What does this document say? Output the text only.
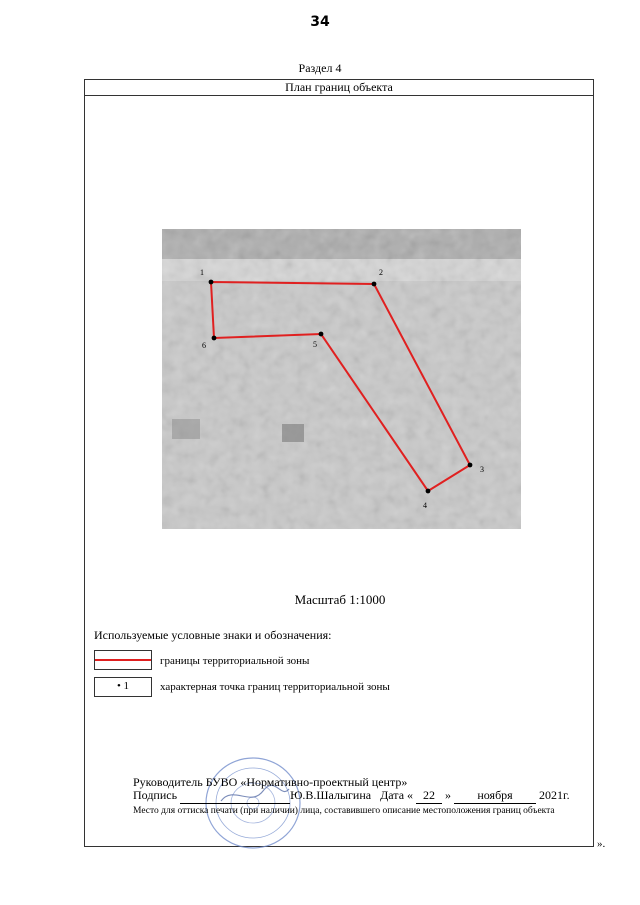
34
Раздел 4
План границ объекта
1	2
3
4
5
6
Масштаб 1:1000
Используемые условные знаки и обозначения:
границы территориальной зоны
• 1	характерная точка границ территориальной зоны
Руководитель БУВО «Нормативно-проектный центр»
Подпись	Ю.В.Шалыгина Дата « 22 » ноября 2021г.
Место для оттиска печати (при наличии) лица, составившего описание местоположения границ объекта
».
